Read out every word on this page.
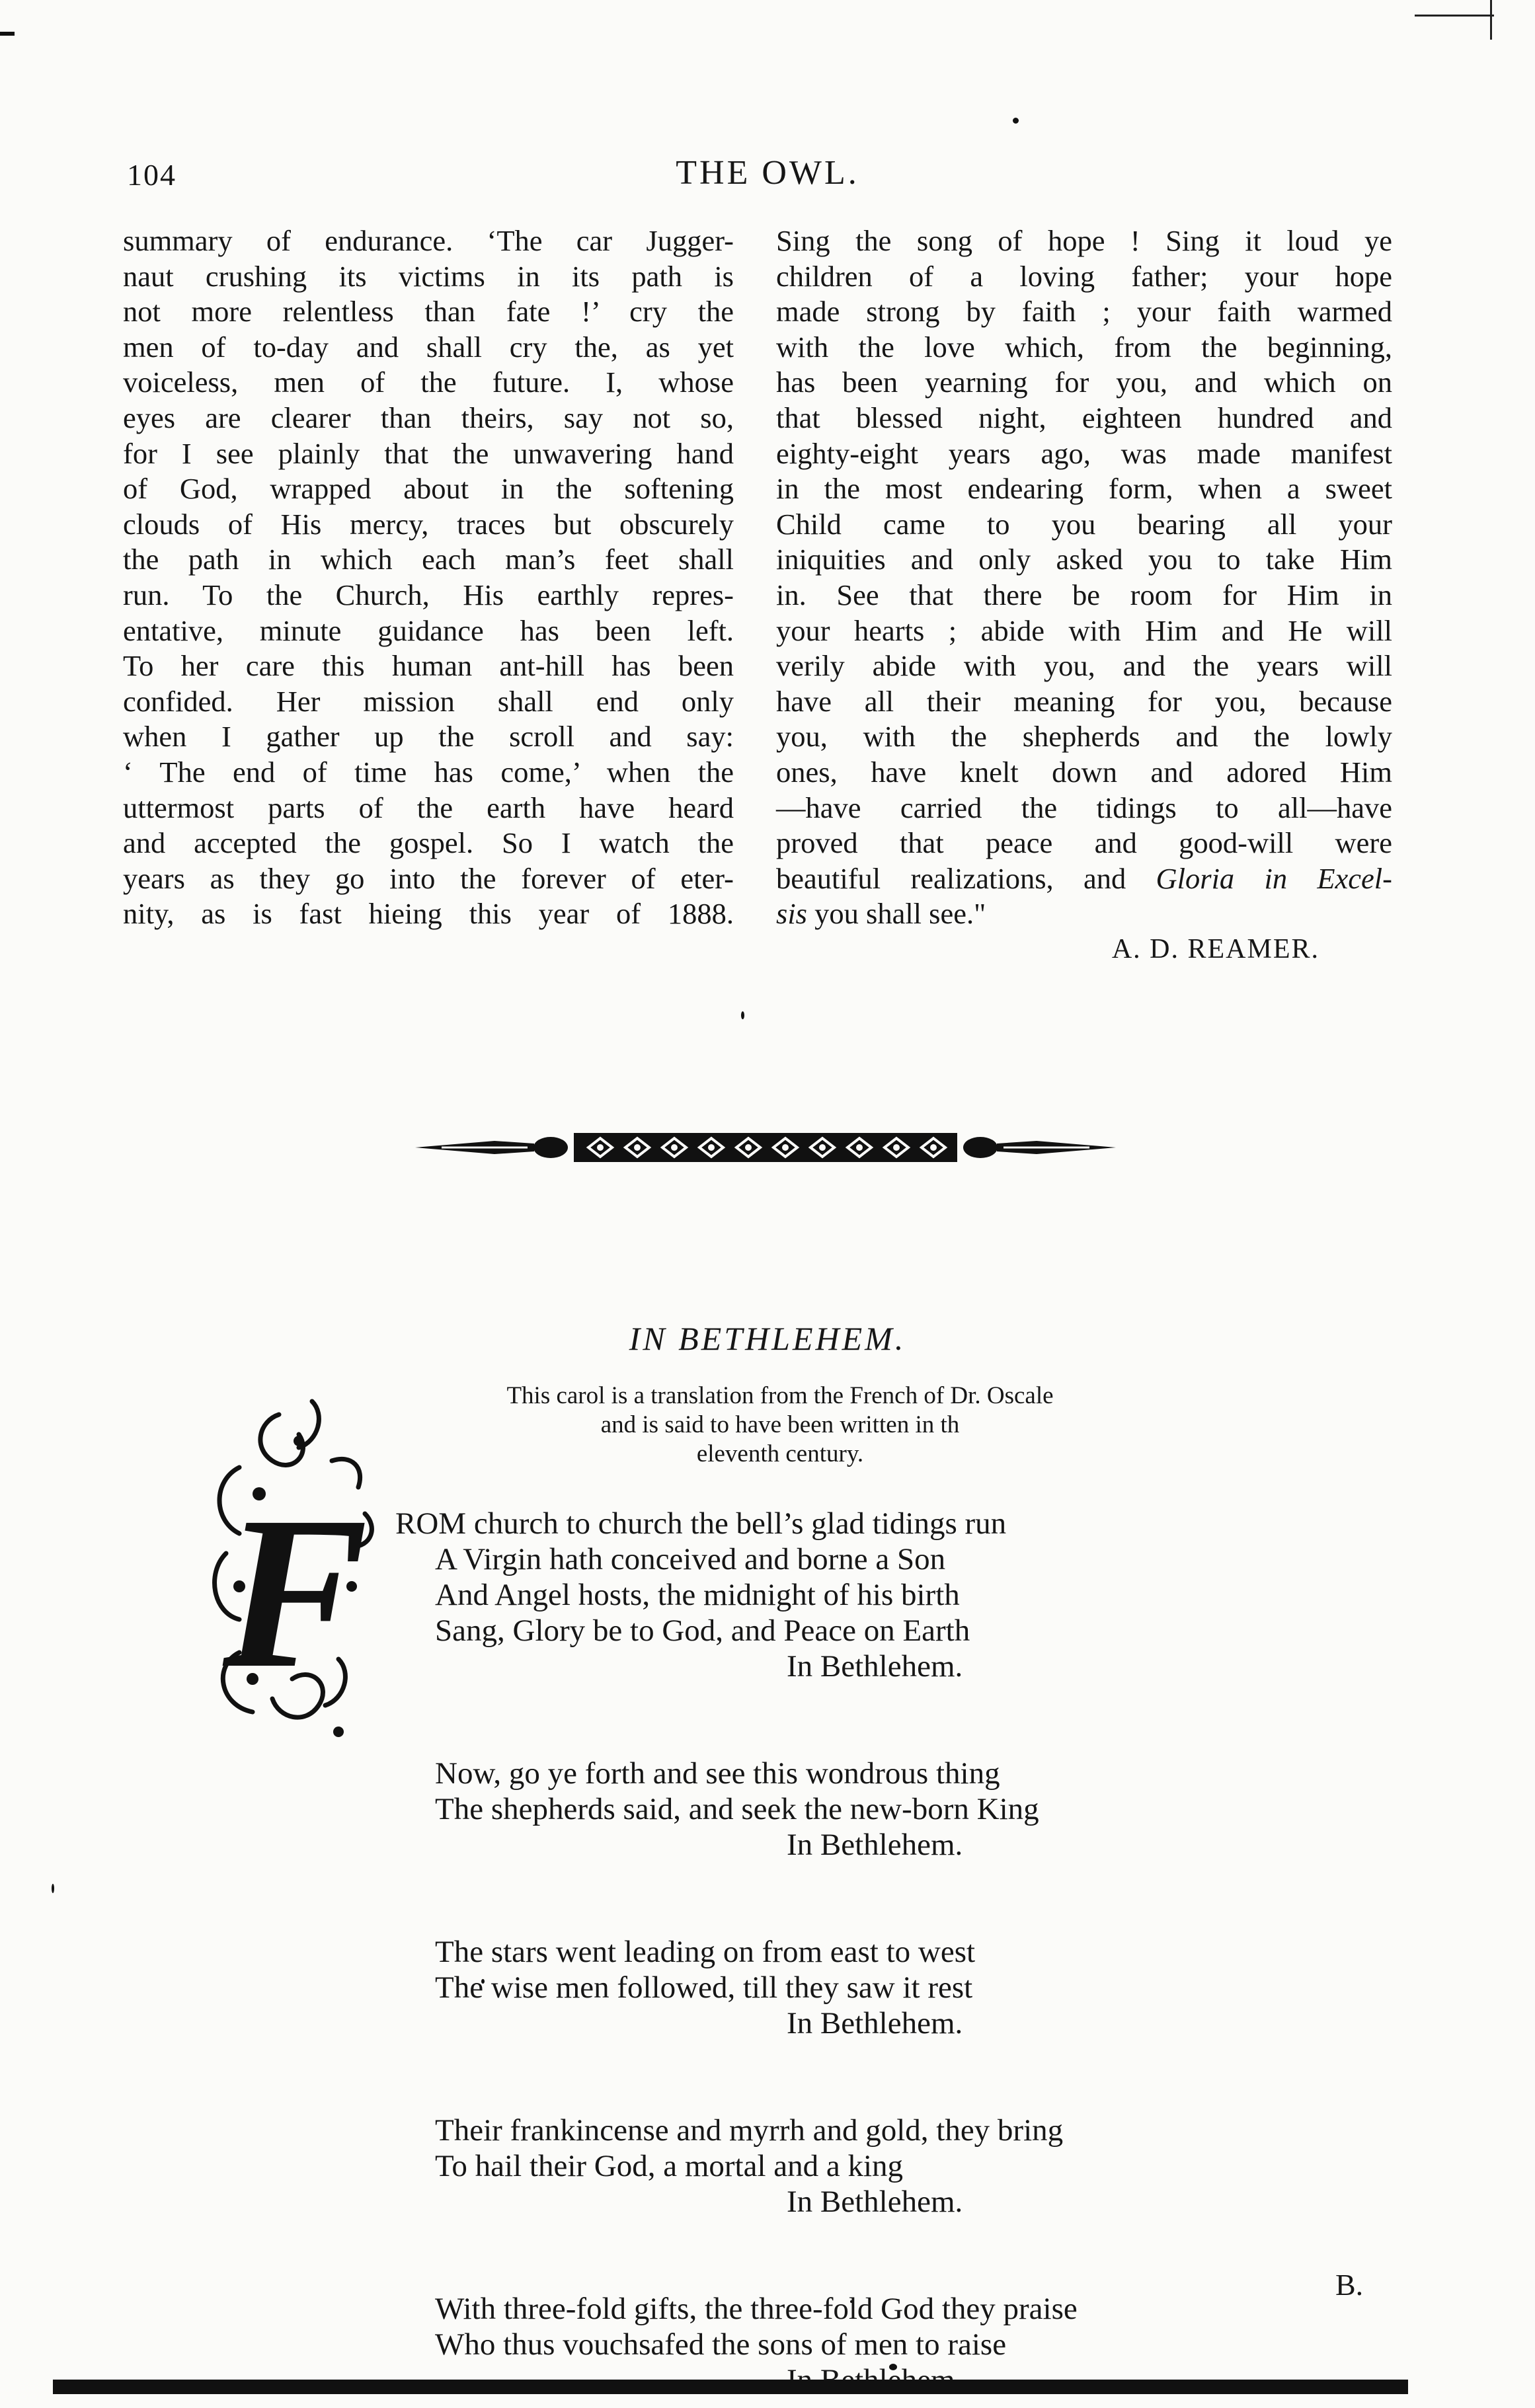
104	THE OWL.
summary of endurance. ‘The car Jugger-
naut crushing its victims in its path is
not more relentless than fate !’ cry the
men of to-day and shall cry the, as yet
voiceless, men of the future. I, whose
eyes are clearer than theirs, say not so,
for I see plainly that the unwavering hand
of God, wrapped about in the softening
clouds of His mercy, traces but obscurely
the path in which each man’s feet shall
run. To the Church, His earthly repres-
entative, minute guidance has been left.
To her care this human ant-hill has been
confided. Her mission shall end only
when I gather up the scroll and say:
‘ The end of time has come,’ when the
uttermost parts of the earth have heard
and accepted the gospel. So I watch the
years as they go into the forever of eter-
nity, as is fast hieing this year of 1888.
Sing the song of hope ! Sing it loud ye
children of a loving father; your hope
made strong by faith ; your faith warmed
with the love which, from the beginning,
has been yearning for you, and which on
that blessed night, eighteen hundred and
eighty-eight years ago, was made manifest
in the most endearing form, when a sweet
Child came to you bearing all your
iniquities and only asked you to take Him
in. See that there be room for Him in
your hearts ; abide with Him and He will
verily abide with you, and the years will
have all their meaning for you, because
you, with the shepherds and the lowly
ones, have knelt down and adored Him
—have carried the tidings to all—have
proved that peace and good-will were
beautiful realizations, and Gloria in Excel-
sis you shall see."
A. D. REAMER.
IN BETHLEHEM.
This carol is a translation from the French of Dr. Oscale
and is said to have been written in th
eleventh century.
F ROM church to church the bell’s glad tidings run
A Virgin hath conceived and borne a Son
And Angel hosts, the midnight of his birth
Sang, Glory be to God, and Peace on Earth
In Bethlehem.
Now, go ye forth and see this wondrous thing
The shepherds said, and seek the new-born King
In Bethlehem.
The stars went leading on from east to west
The wise men followed, till they saw it rest
In Bethlehem.
Their frankincense and myrrh and gold, they bring
To hail their God, a mortal and a king
In Bethlehem.
With three-fold gifts, the three-fold God they praise
Who thus vouchsafed the sons of men to raise
B.
